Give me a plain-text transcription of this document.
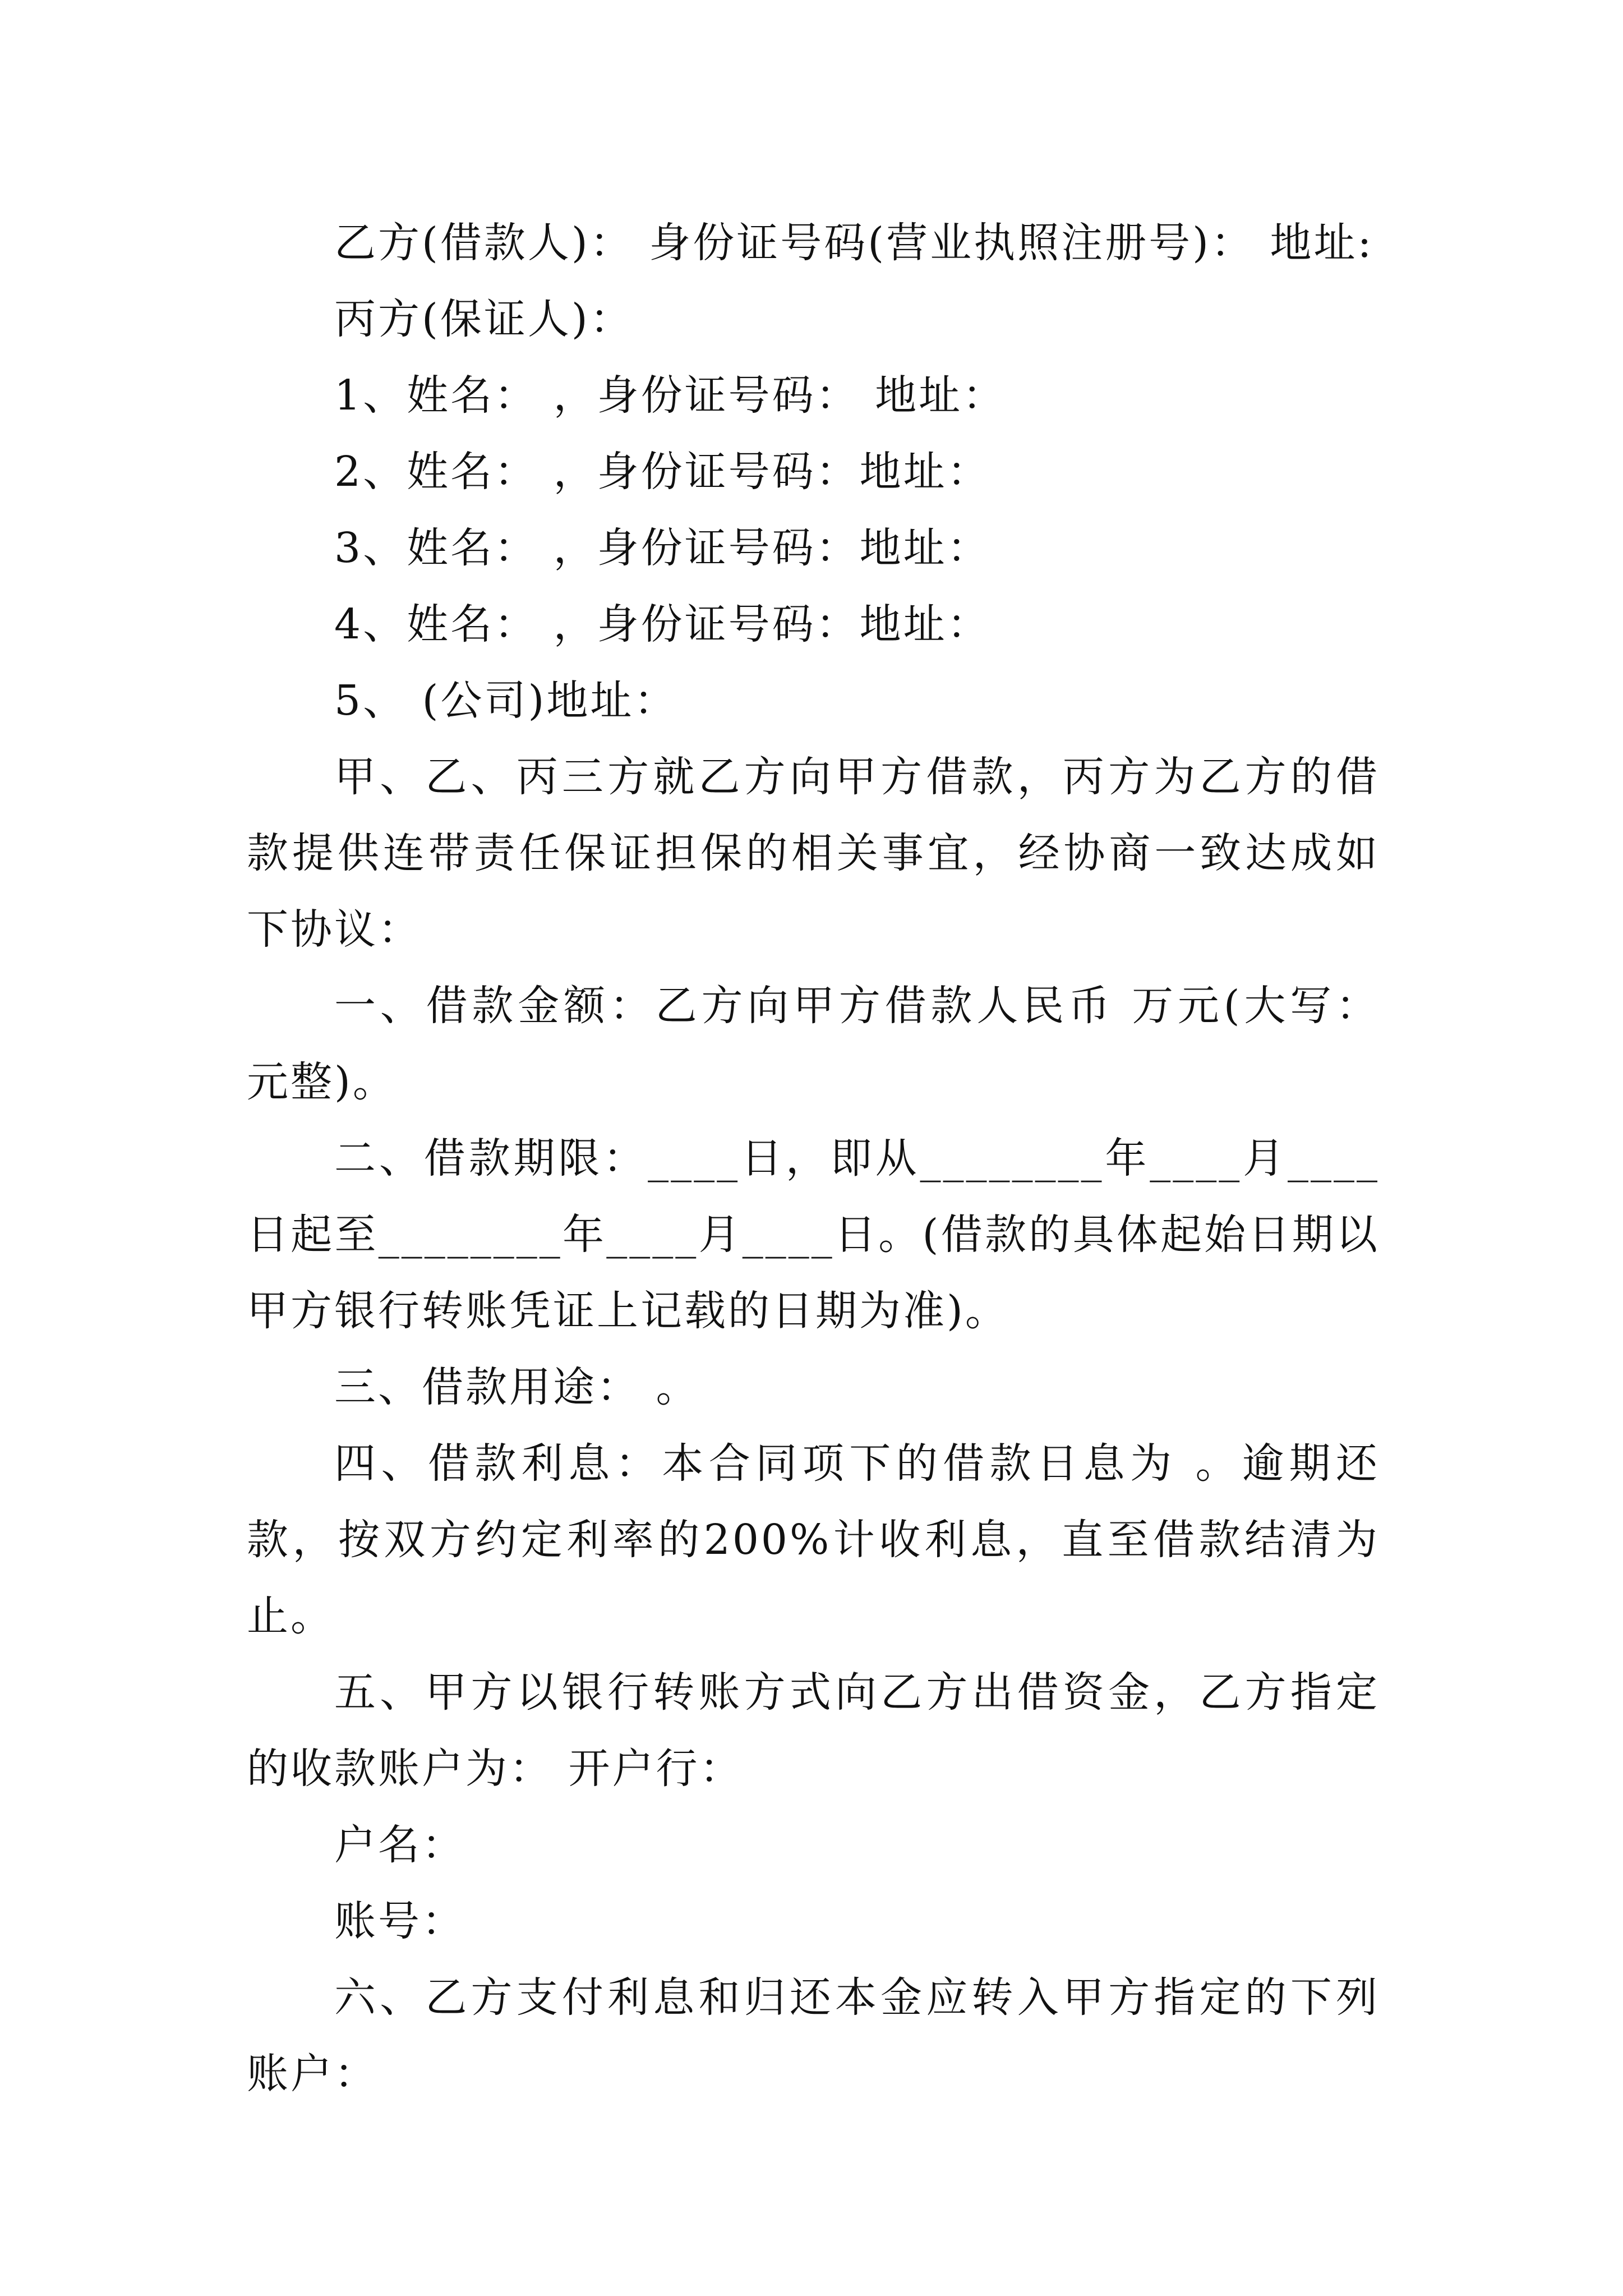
乙方(借款人)： 身份证号码(营业执照注册号)： 地址:

丙方(保证人)：

1、姓名： ，身份证号码： 地址：

2、姓名： ，身份证号码：地址：

3、姓名： ，身份证号码：地址：

4、姓名： ，身份证号码：地址：

5、 (公司)地址：

甲、乙、丙三方就乙方向甲方借款，丙方为乙方的借款提供连带责任保证担保的相关事宜，经协商一致达成如下协议：

一、借款金额：乙方向甲方借款人民币 万元(大写： 元整)。

二、借款期限：____日，即从________年____月____日起至________年____月____日。(借款的具体起始日期以甲方银行转账凭证上记载的日期为准)。

三、借款用途： 。

四、借款利息：本合同项下的借款日息为 。逾期还款，按双方约定利率的200%计收利息，直至借款结清为止。

五、甲方以银行转账方式向乙方出借资金，乙方指定的收款账户为： 开户行：

户名：

账号：

六、乙方支付利息和归还本金应转入甲方指定的下列账户：
